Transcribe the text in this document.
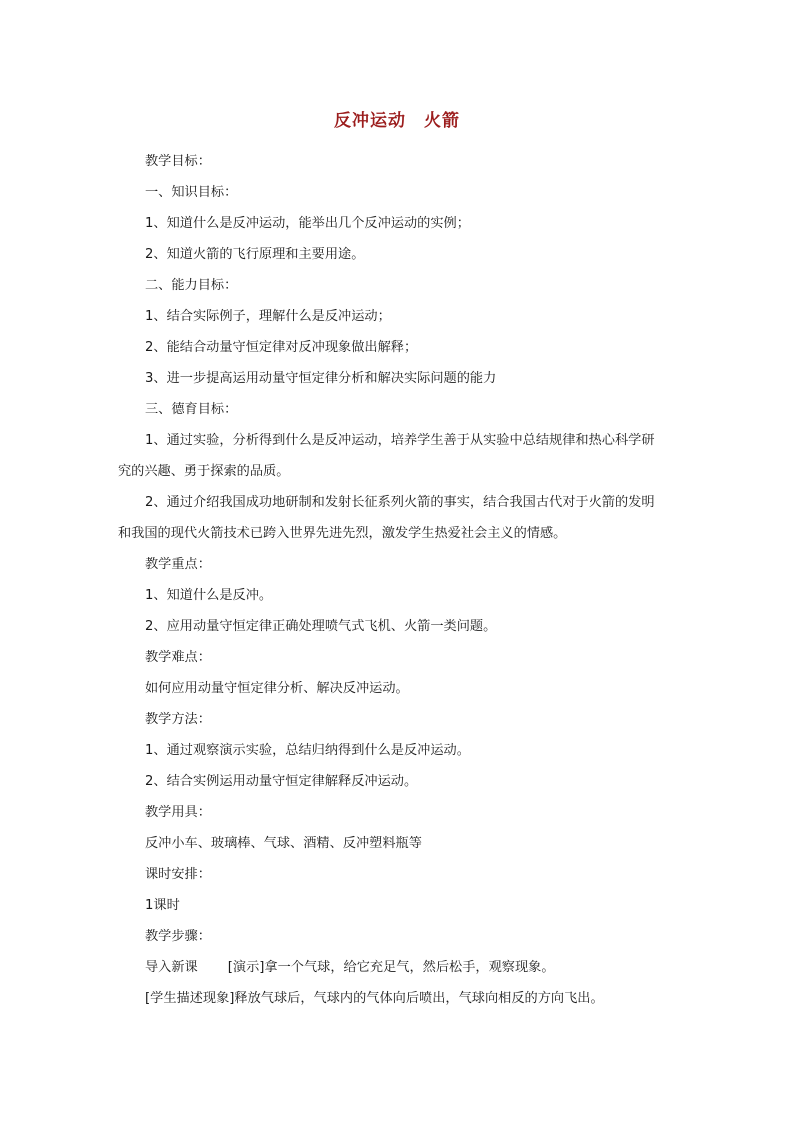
反冲运动　火箭

教学目标：

一、知识目标：

1、知道什么是反冲运动，能举出几个反冲运动的实例；

2、知道火箭的飞行原理和主要用途。

二、能力目标：

1、结合实际例子，理解什么是反冲运动；

2、能结合动量守恒定律对反冲现象做出解释；

3、进一步提高运用动量守恒定律分析和解决实际问题的能力

三、德育目标：

1、通过实验，分析得到什么是反冲运动，培养学生善于从实验中总结规律和热心科学研

究的兴趣、勇于探索的品质。

2、通过介绍我国成功地研制和发射长征系列火箭的事实，结合我国古代对于火箭的发明

和我国的现代火箭技术已跨入世界先进先烈，激发学生热爱社会主义的情感。

教学重点：

1、知道什么是反冲。

2、应用动量守恒定律正确处理喷气式飞机、火箭一类问题。

教学难点：

如何应用动量守恒定律分析、解决反冲运动。

教学方法：

1、通过观察演示实验，总结归纳得到什么是反冲运动。

2、结合实例运用动量守恒定律解释反冲运动。

教学用具：

反冲小车、玻璃棒、气球、酒精、反冲塑料瓶等

课时安排：

1课时

教学步骤：

导入新课 [演示]拿一个气球，给它充足气，然后松手，观察现象。

[学生描述现象]释放气球后，气球内的气体向后喷出，气球向相反的方向飞出。
